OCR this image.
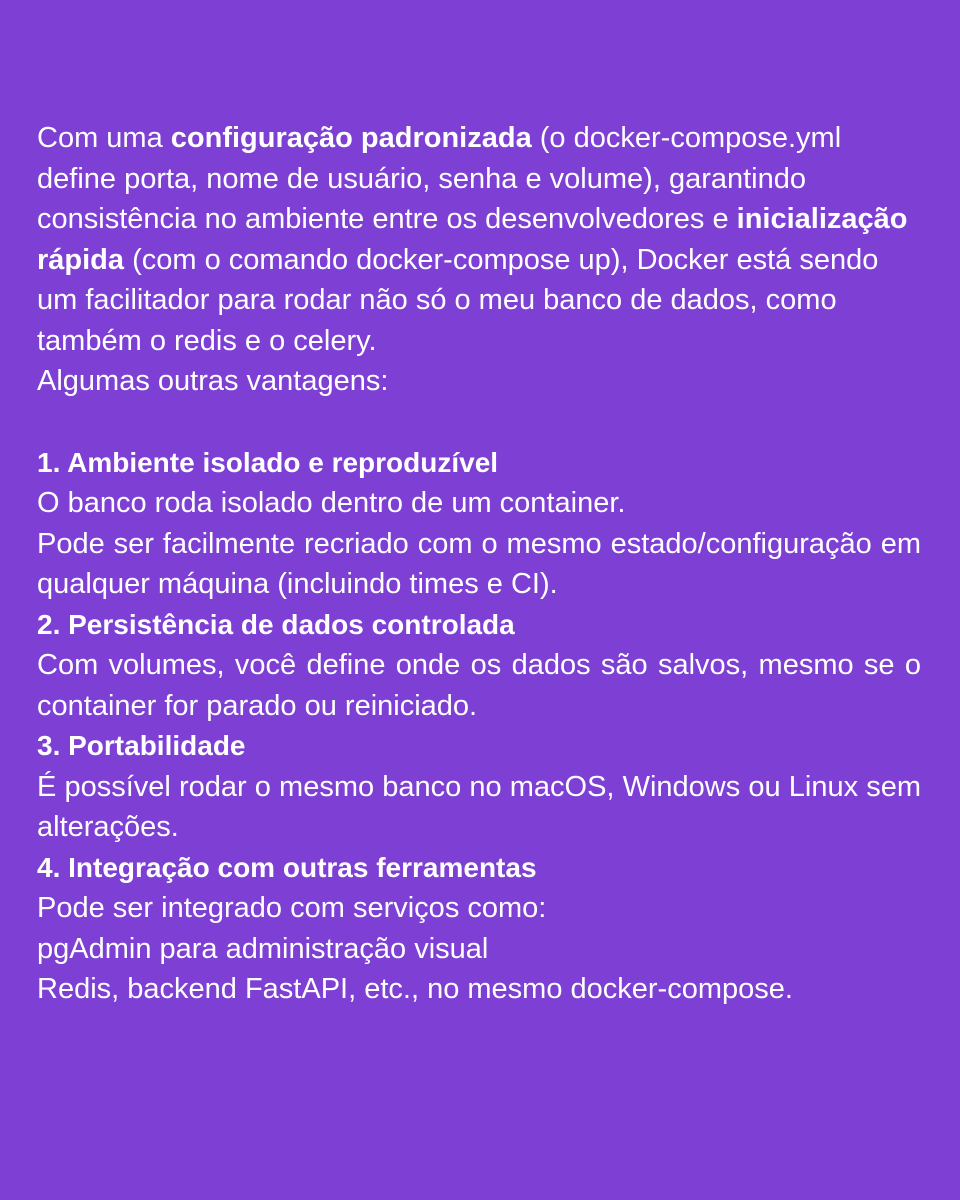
Com uma configuração padronizada (o docker-compose.yml define porta, nome de usuário, senha e volume), garantindo consistência no ambiente entre os desenvolvedores e inicialização rápida (com o comando docker-compose up), Docker está sendo um facilitador para rodar não só o meu banco de dados, como também o redis e o celery.

Algumas outras vantagens:

1. Ambiente isolado e reproduzível

O banco roda isolado dentro de um container.

Pode ser facilmente recriado com o mesmo estado/configuração em qualquer máquina (incluindo times e CI).

2. Persistência de dados controlada

Com volumes, você define onde os dados são salvos, mesmo se o container for parado ou reiniciado.

3. Portabilidade

É possível rodar o mesmo banco no macOS, Windows ou Linux sem alterações.

4. Integração com outras ferramentas

Pode ser integrado com serviços como:

pgAdmin para administração visual

Redis, backend FastAPI, etc., no mesmo docker-compose.
